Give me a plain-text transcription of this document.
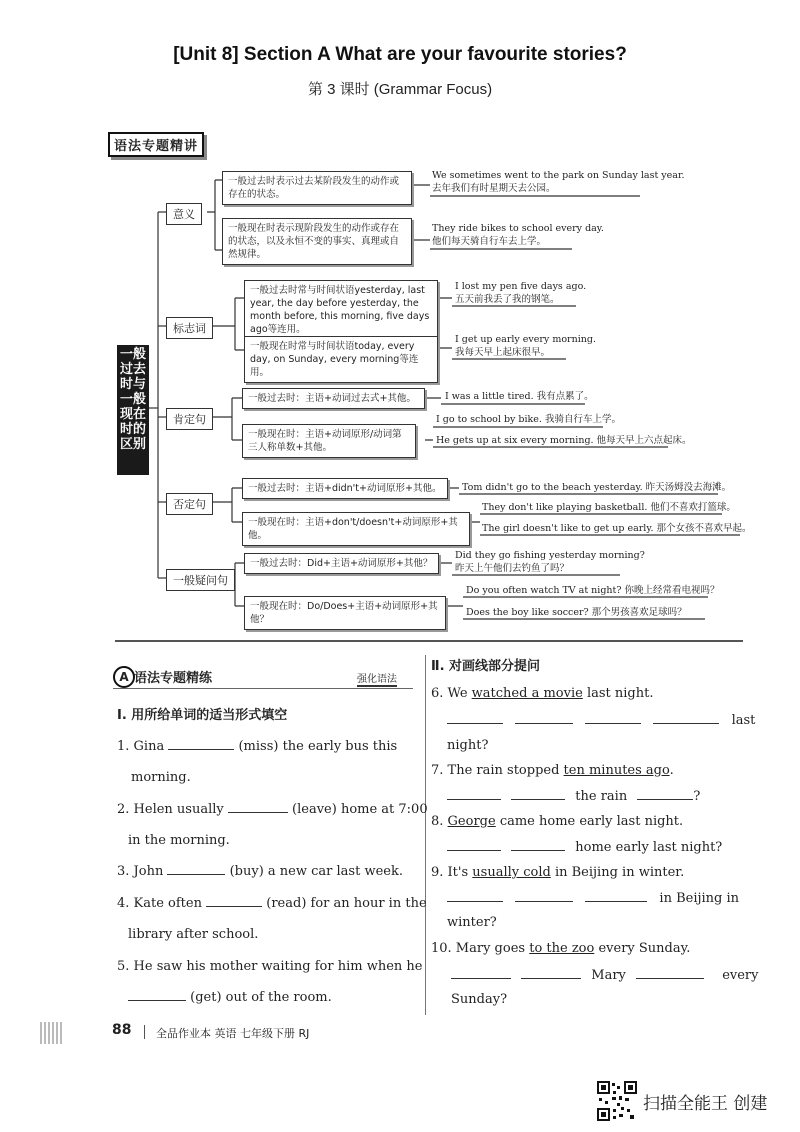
[Unit 8] Section A What are your favourite stories?
第 3 课时 (Grammar Focus)
语法专题精讲
一般
过去
时与
一般
现在
时的
区别
意义
标志词
肯定句
否定句
一般疑问句
一般过去时表示过去某阶段发生的动作或存在的状态。
一般现在时表示现阶段发生的动作或存在的状态，以及永恒不变的事实、真理或自然规律。
一般过去时常与时间状语yesterday, last year, the day before yesterday, the month before, this morning, five days ago等连用。
一般现在时常与时间状语today, every day, on Sunday, every morning等连用。
一般过去时：主语+动词过去式+其他。
一般现在时：主语+动词原形/动词第三人称单数+其他。
一般过去时：主语+didn't+动词原形+其他。
一般现在时：主语+don't/doesn't+动词原形+其他。
一般过去时：Did+主语+动词原形+其他？
一般现在时：Do/Does+主语+动词原形+其他？
We sometimes went to the park on Sunday last year.
去年我们有时星期天去公园。
They ride bikes to school every day.
他们每天骑自行车去上学。
I lost my pen five days ago.
五天前我丢了我的钢笔。
I get up early every morning.
我每天早上起床很早。
I was a little tired. 我有点累了。
I go to school by bike. 我骑自行车上学。
He gets up at six every morning. 他每天早上六点起床。
Tom didn't go to the beach yesterday. 昨天汤姆没去海滩。
They don't like playing basketball. 他们不喜欢打篮球。
The girl doesn't like to get up early. 那个女孩不喜欢早起。
Did they go fishing yesterday morning?
昨天上午他们去钓鱼了吗？
Do you often watch TV at night? 你晚上经常看电视吗？
Does the boy like soccer? 那个男孩喜欢足球吗？
A 语法专题精练	强化语法
Ⅰ. 用所给单词的适当形式填空
1. Gina	(miss) the early bus this
morning.
2. Helen usually	(leave) home at 7:00
in the morning.
3. John	(buy) a new car last week.
4. Kate often	(read) for an hour in the
library after school.
5. He saw his mother waiting for him when he
(get) out of the room.
Ⅱ. 对画线部分提问
6. We watched a movie last night.
last
night?
7. The rain stopped ten minutes ago.
the rain	?
8. George came home early last night.
home early last night?
9. It's usually cold in Beijing in winter.
in Beijing in
winter?
10. Mary goes to the zoo every Sunday.
Mary	every
Sunday?
88 全品作业本 英语 七年级下册 RJ
扫描全能王 创建
